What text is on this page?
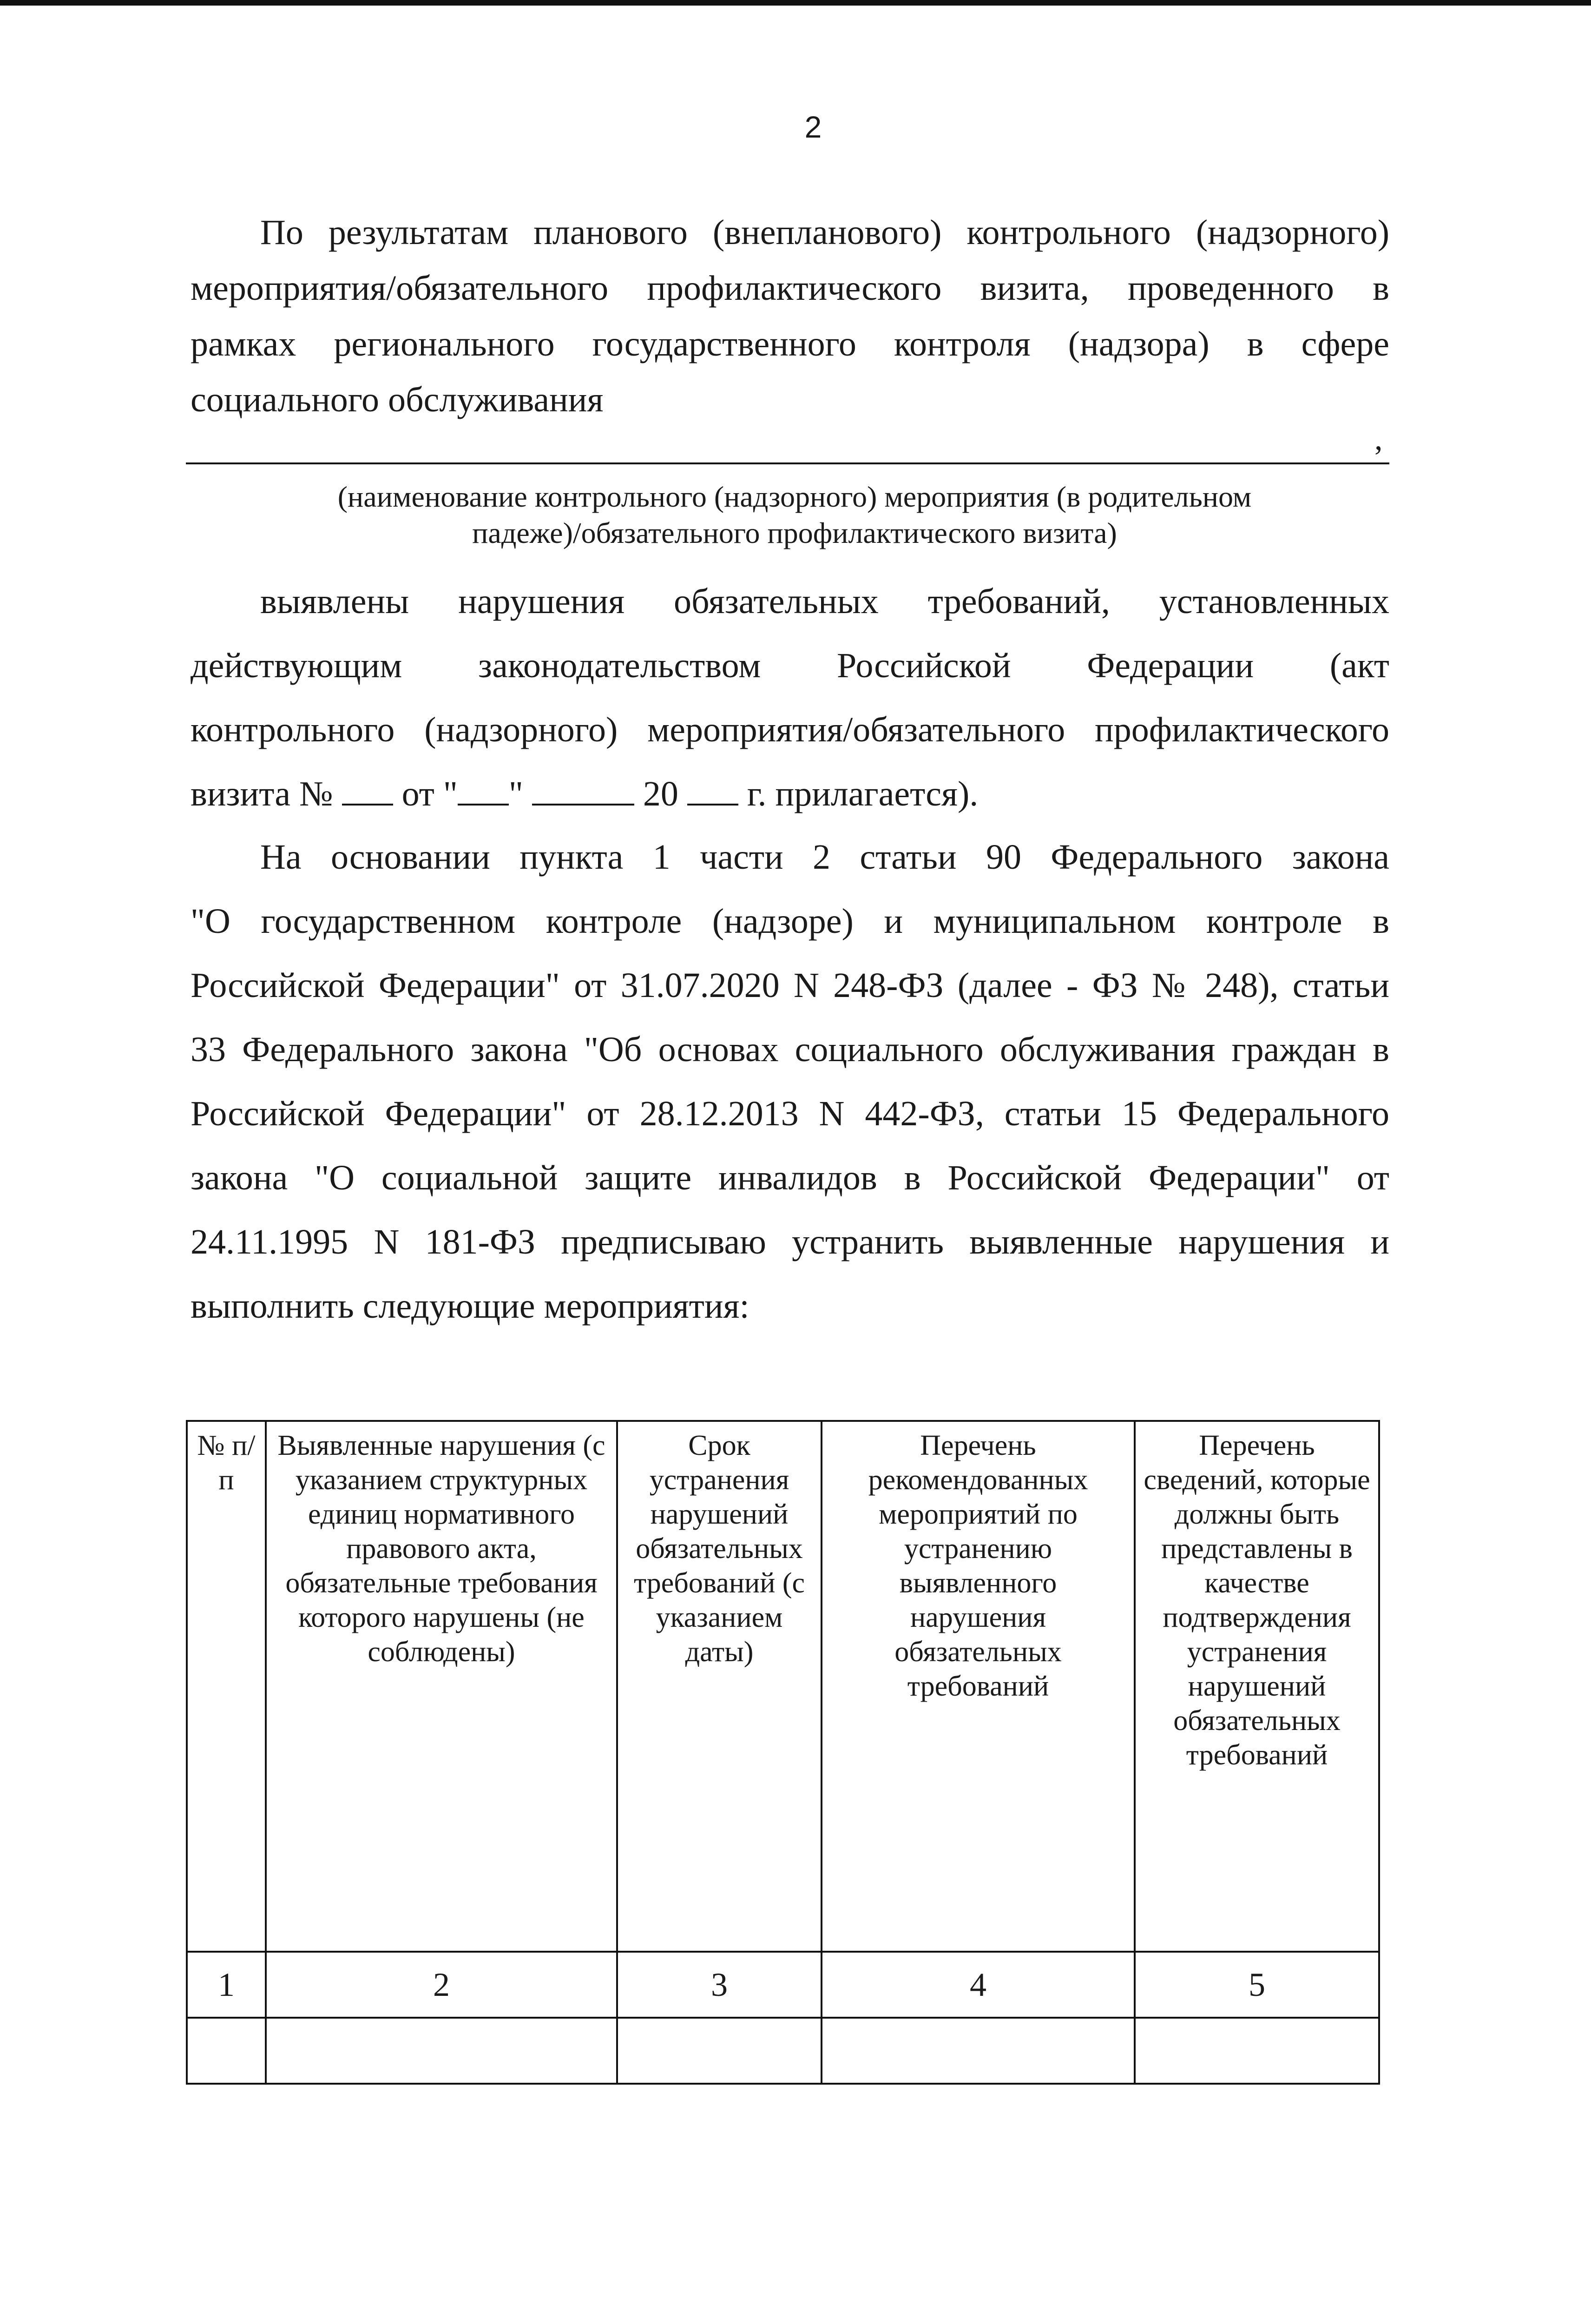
2
По результатам планового (внепланового) контрольного (надзорного)
мероприятия/обязательного профилактического визита, проведенного в
рамках регионального государственного контроля (надзора) в сфере
социального обслуживания
,
(наименование контрольного (надзорного) мероприятия (в родительном
падеже)/обязательного профилактического визита)
выявлены нарушения обязательных требований, установленных
действующим законодательством Российской Федерации (акт
контрольного (надзорного) мероприятия/обязательного профилактического
визита № от " "	20 г. прилагается).
На основании пункта 1 части 2 статьи 90 Федерального закона
"О государственном контроле (надзоре) и муниципальном контроле в
Российской Федерации" от 31.07.2020 N 248-ФЗ (далее - ФЗ № 248), статьи
33 Федерального закона "Об основах социального обслуживания граждан в
Российской Федерации" от 28.12.2013 N 442-ФЗ, статьи 15 Федерального
закона "О социальной защите инвалидов в Российской Федерации" от
24.11.1995 N 181-ФЗ предписываю устранить выявленные нарушения и
выполнить следующие мероприятия:
№ п/п	Выявленные нарушения (с указанием структурных единиц нормативного правового акта, обязательные требования которого нарушены (не соблюдены)	Срок устранения нарушений обязательных требований (с указанием даты)	Перечень рекомендованных мероприятий по устранению выявленного нарушения обязательных требований	Перечень сведений, которые должны быть представлены в качестве подтверждения устранения нарушений обязательных требований

1	2	3	4	5
